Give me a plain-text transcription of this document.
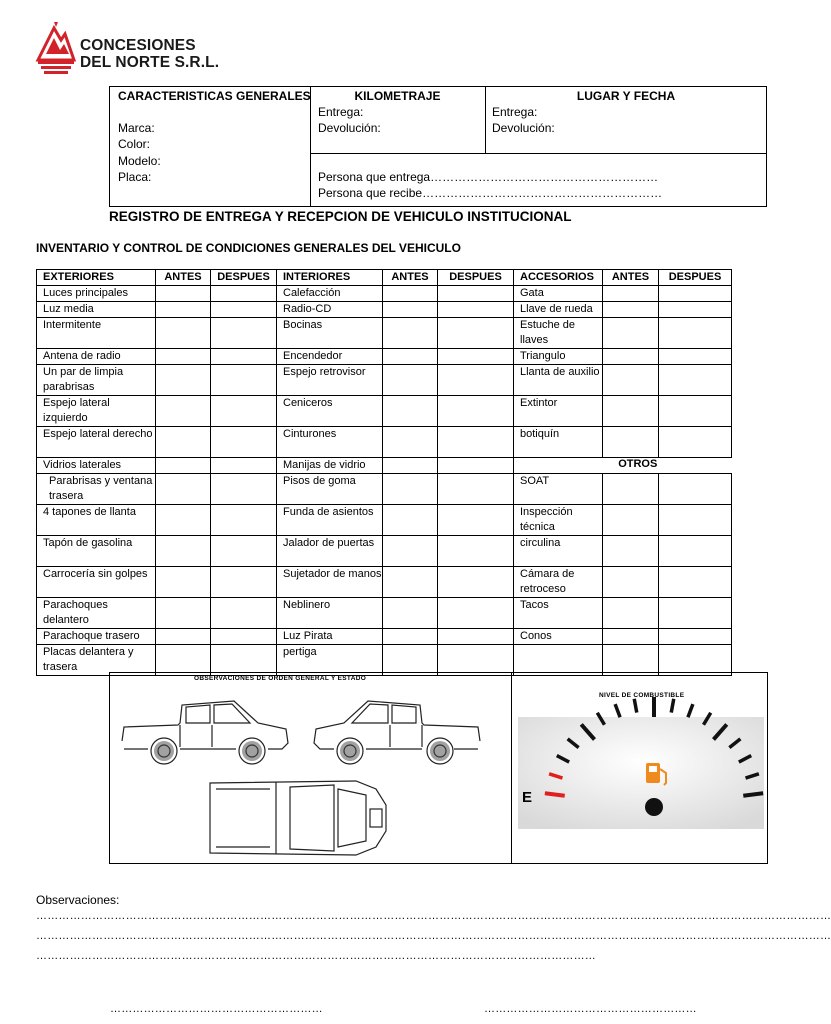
CONCESIONES
DEL NORTE S.R.L.
CARACTERISTICAS GENERALES
Marca:
Color:
Modelo:
Placa:
KILOMETRAJE
Entrega:
Devolución:
LUGAR Y FECHA
Entrega:
Devolución:
Persona que entrega…………………………………………………
Persona que recibe……………………………………………………
REGISTRO DE ENTREGA Y RECEPCION DE VEHICULO INSTITUCIONAL
INVENTARIO Y CONTROL DE CONDICIONES GENERALES DEL VEHICULO
EXTERIORES	ANTES	DESPUES	INTERIORES	ANTES	DESPUES	ACCESORIOS	ANTES	DESPUES
Luces principales			Calefacción			Gata		
Luz media			Radio-CD			Llave de rueda		
Intermitente			Bocinas			Estuche de llaves		
Antena de radio			Encendedor			Triangulo		
Un par de limpia parabrisas			Espejo retrovisor			Llanta de auxilio		
Espejo lateral izquierdo			Ceniceros			Extintor		
Espejo lateral derecho			Cinturones			botiquín		
Vidrios laterales			Manijas de vidrio			OTROS		
Parabrisas y ventana trasera			Pisos de goma			SOAT		
4 tapones de llanta			Funda de asientos			Inspección técnica		
Tapón de gasolina			Jalador de puertas			circulina		
Carrocería sin golpes			Sujetador de manos			Cámara de retroceso		
Parachoques delantero			Neblinero			Tacos		
Parachoque trasero			Luz Pirata			Conos		
Placas delantera y trasera			pertiga					
OBSERVACIONES DE ORDEN GENERAL Y ESTADO
NIVEL DE COMBUSTIBLE
E
Observaciones:
……………………………………………………………………………………………………………………………………………………………………………………………
……………………………………………………………………………………………………………………………………………………………………………………………
……………………………………………………………………………………………………………………………………
…………………………………………………	…………………………………………………
